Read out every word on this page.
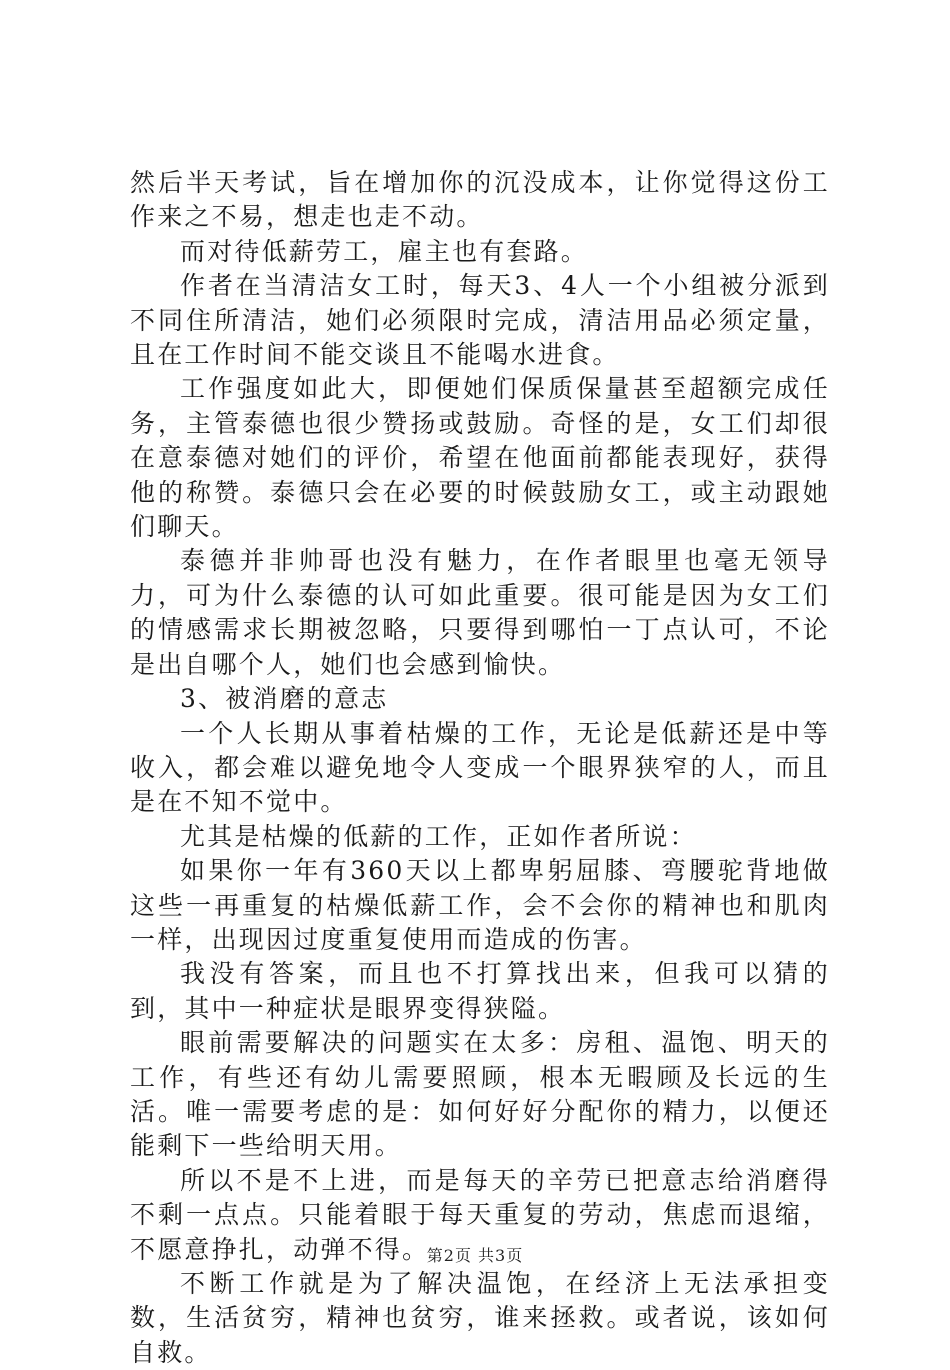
然后半天考试，旨在增加你的沉没成本，让你觉得这份工作来之不易，想走也走不动。

而对待低薪劳工，雇主也有套路。

作者在当清洁女工时，每天3、4人一个小组被分派到不同住所清洁，她们必须限时完成，清洁用品必须定量，且在工作时间不能交谈且不能喝水进食。

工作强度如此大，即便她们保质保量甚至超额完成任务，主管泰德也很少赞扬或鼓励。奇怪的是，女工们却很在意泰德对她们的评价，希望在他面前都能表现好，获得他的称赞。泰德只会在必要的时候鼓励女工，或主动跟她们聊天。

泰德并非帅哥也没有魅力，在作者眼里也毫无领导力，可为什么泰德的认可如此重要。很可能是因为女工们的情感需求长期被忽略，只要得到哪怕一丁点认可，不论是出自哪个人，她们也会感到愉快。

3、被消磨的意志

一个人长期从事着枯燥的工作，无论是低薪还是中等收入，都会难以避免地令人变成一个眼界狭窄的人，而且是在不知不觉中。

尤其是枯燥的低薪的工作，正如作者所说：

如果你一年有360天以上都卑躬屈膝、弯腰驼背地做这些一再重复的枯燥低薪工作，会不会你的精神也和肌肉一样，出现因过度重复使用而造成的伤害。

我没有答案，而且也不打算找出来，但我可以猜的到，其中一种症状是眼界变得狭隘。

眼前需要解决的问题实在太多：房租、温饱、明天的工作，有些还有幼儿需要照顾，根本无暇顾及长远的生活。唯一需要考虑的是：如何好好分配你的精力，以便还能剩下一些给明天用。

所以不是不上进，而是每天的辛劳已把意志给消磨得不剩一点点。只能着眼于每天重复的劳动，焦虑而退缩，不愿意挣扎，动弹不得。

不断工作就是为了解决温饱，在经济上无法承担变数，生活贫穷，精神也贫穷，谁来拯救。或者说，该如何自救。

第2页 共3页
